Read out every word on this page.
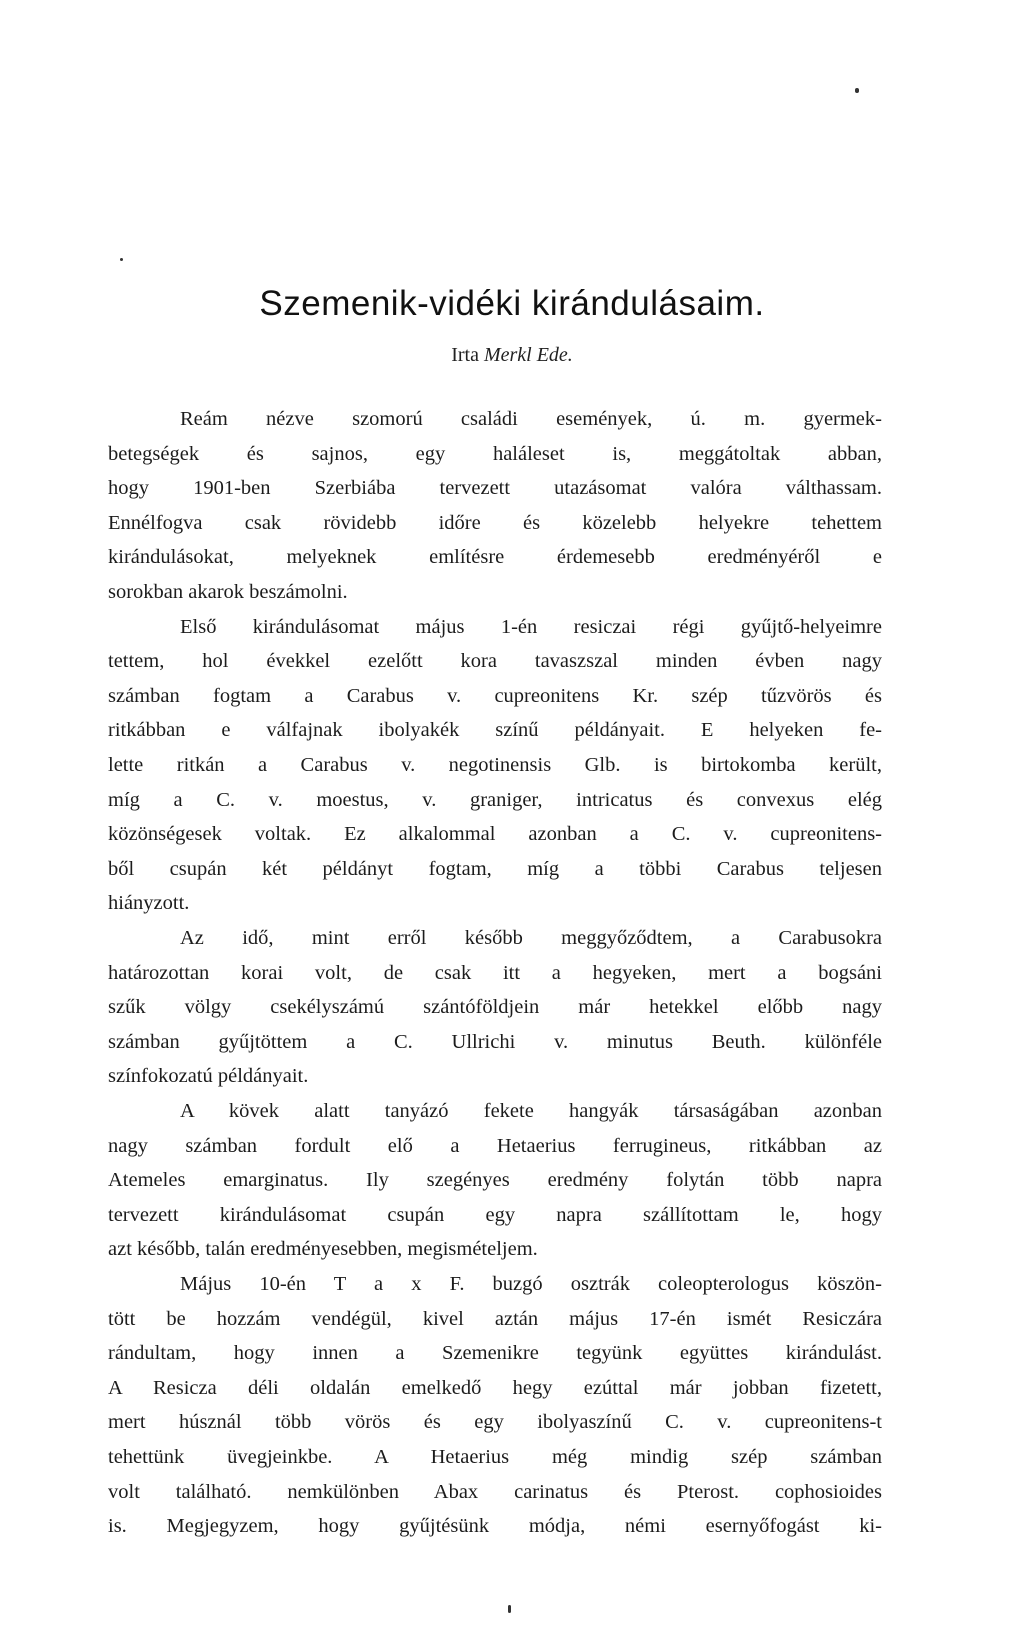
Szemenik-vidéki kirándulásaim.
Irta Merkl Ede.
Reám nézve szomorú családi események, ú. m. gyermek-
betegségek és sajnos, egy haláleset is, meggátoltak abban,
hogy 1901-ben Szerbiába tervezett utazásomat valóra válthassam.
Ennélfogva csak rövidebb időre és közelebb helyekre tehettem
kirándulásokat, melyeknek említésre érdemesebb eredményéről e
sorokban akarok beszámolni.
Első kirándulásomat május 1-én resiczai régi gyűjtő-helyeimre
tettem, hol évekkel ezelőtt kora tavaszszal minden évben nagy
számban fogtam a Carabus v. cupreonitens Kr. szép tűzvörös és
ritkábban e válfajnak ibolyakék színű példányait. E helyeken fe-
lette ritkán a Carabus v. negotinensis Glb. is birtokomba került,
míg a C. v. moestus, v. graniger, intricatus és convexus elég
közönségesek voltak. Ez alkalommal azonban a C. v. cupreonitens-
ből csupán két példányt fogtam, míg a többi Carabus teljesen
hiányzott.
Az idő, mint erről később meggyőződtem, a Carabusokra
határozottan korai volt, de csak itt a hegyeken, mert a bogsáni
szűk völgy csekélyszámú szántóföldjein már hetekkel előbb nagy
számban gyűjtöttem a C. Ullrichi v. minutus Beuth. különféle
színfokozatú példányait.
A kövek alatt tanyázó fekete hangyák társaságában azonban
nagy számban fordult elő a Hetaerius ferrugineus, ritkábban az
Atemeles emarginatus. Ily szegényes eredmény folytán több napra
tervezett kirándulásomat csupán egy napra szállítottam le, hogy
azt később, talán eredményesebben, megismételjem.
Május 10-én T a x F. buzgó osztrák coleopterologus köszön-
tött be hozzám vendégül, kivel aztán május 17-én ismét Resiczára
rándultam, hogy innen a Szemenikre tegyünk együttes kirándulást.
A Resicza déli oldalán emelkedő hegy ezúttal már jobban fizetett,
mert húsznál több vörös és egy ibolyaszínű C. v. cupreonitens-t
tehettünk üvegjeinkbe. A Hetaerius még mindig szép számban
volt található. nemkülönben Abax carinatus és Pterost. cophosioides
is. Megjegyzem, hogy gyűjtésünk módja, némi esernyőfogást ki-
